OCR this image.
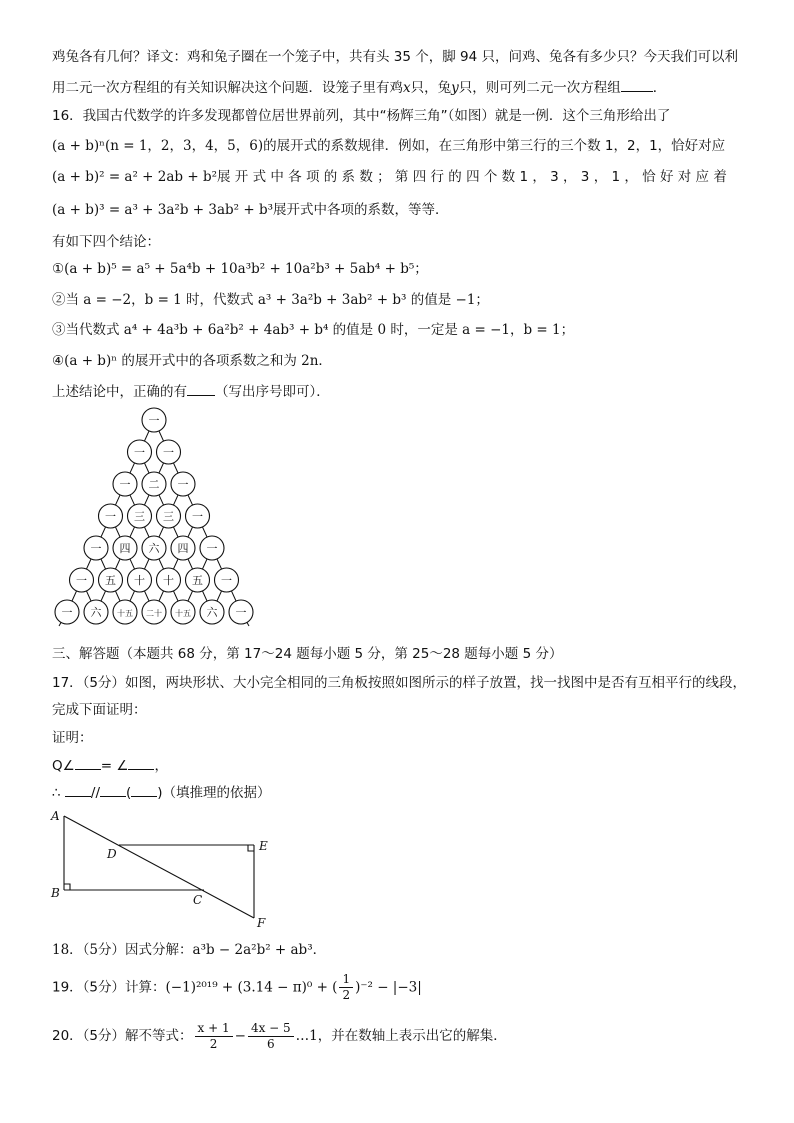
鸡兔各有几何？译文：鸡和兔子圈在一个笼子中，共有头 35 个，脚 94 只，问鸡、兔各有多少只？今天我们可以利
用二元一次方程组的有关知识解决这个问题．设笼子里有鸡x只，兔y只，则可列二元一次方程组 ．
16．我国古代数学的许多发现都曾位居世界前列，其中“杨辉三角”（如图）就是一例．这个三角形给出了
(a + b)ⁿ(n = 1，2，3，4，5，6)的展开式的系数规律．例如，在三角形中第三行的三个数 1，2，1，恰好对应
(a + b)² = a² + 2ab + b²展 开 式 中 各 项 的 系 数 ； 第 四 行 的 四 个 数 1 ， 3 ， 3 ， 1 ， 恰 好 对 应 着
(a + b)³ = a³ + 3a²b + 3ab² + b³展开式中各项的系数，等等．
有如下四个结论：
①(a + b)⁵ = a⁵ + 5a⁴b + 10a³b² + 10a²b³ + 5ab⁴ + b⁵；
②当 a = −2，b = 1 时，代数式 a³ + 3a²b + 3ab² + b³ 的值是 −1；
③当代数式 a⁴ + 4a³b + 6a²b² + 4ab³ + b⁴ 的值是 0 时，一定是 a = −1，b = 1；
④(a + b)ⁿ 的展开式中的各项系数之和为 2n．
上述结论中，正确的有 （写出序号即可）．
一
一 一
一 二 一
一 三 三 一
一 四 六 四 一
一 五 十 十 五 一
一 六 十五 二十 十五 六 一
三、解答题（本题共 68 分，第 17～24 题每小题 5 分，第 25～28 题每小题 5 分）
17．（5分）如图，两块形状、大小完全相同的三角板按照如图所示的样子放置，找一找图中是否有互相平行的线段，
完成下面证明：
证明：
Q∠ = ∠ ，
∴ // ( )（填推理的依据）
A
B	C
D
E
F
18．（5分）因式分解：a³b − 2a²b² + ab³．
19．（5分）计算：(−1)²⁰¹⁹ + (3.14 − π)⁰ + ( $\frac{1}{2} )^{-2} - |-3|$
20．（5分）解不等式： $\frac{x + 1}{2} - \frac{4x - 5}{6}$ …1，并在数轴上表示出它的解集．
